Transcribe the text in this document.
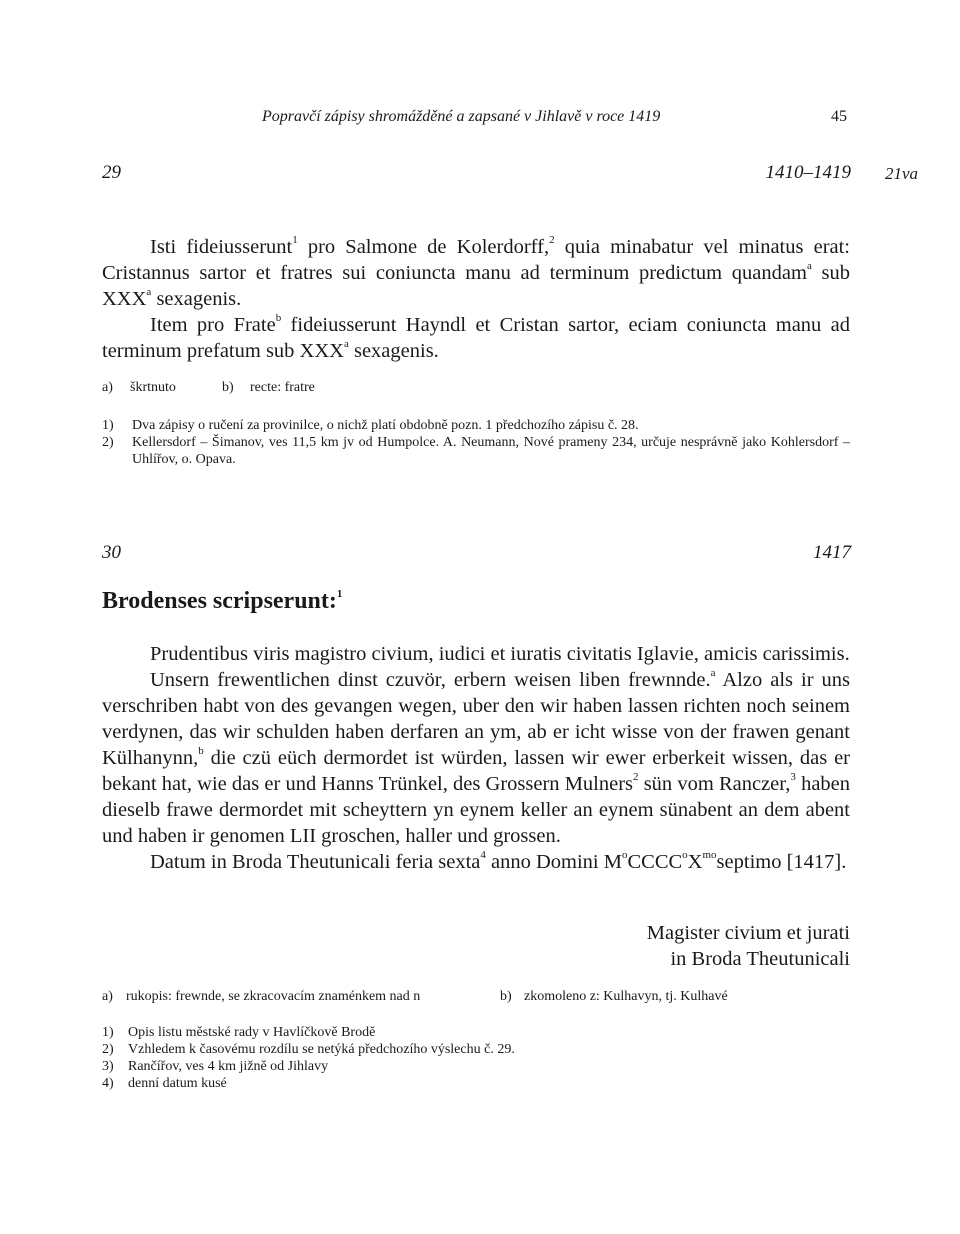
Popravčí zápisy shromážděné a zapsané v Jihlavě v roce 1419	45
29	1410–1419 21va

Isti fideiusserunt$^1$ pro Salmone de Kolerdorff,$^2$ quia minabatur vel minatus erat: Cristannus sartor et fratres sui coniuncta manu ad terminum predictum quandam$^a$ sub XXX$^a$ sexagenis.

Item pro Frate$^b$ fideiusserunt Hayndl et Cristan sartor, eciam coniuncta manu ad terminum prefatum sub XXX$^a$ sexagenis.

a) škrtnuto	b) recte: fratre
1)	Dva zápisy o ručení za provinilce, o nichž platí obdobně pozn. 1 předchozího zápisu č. 28.
2)	Kellersdorf – Šimanov, ves 11,5 km jv od Humpolce. A. Neumann, Nové prameny 234, určuje nesprávně jako Kohlersdorf – Uhlířov, o. Opava.
30	1417
Brodenses scripserunt:$^1$

Prudentibus viris magistro civium, iudici et iuratis civitatis Iglavie, amicis carissimis.

Unsern frewentlichen dinst czuvör, erbern weisen liben frewnnde.$^a$ Alzo als ir uns verschriben habt von des gevangen wegen, uber den wir haben lassen richten noch seinem verdynen, das wir schulden haben derfaren an ym, ab er icht wisse von der frawen genant Külhanynn,$^b$ die czü eüch dermordet ist würden, lassen wir ewer erberkeit wissen, das er bekant hat, wie das er und Hanns Trünkel, des Grossern Mulners$^2$ sün vom Ranczer,$^3$ haben dieselb frawe dermordet mit scheyttern yn eynem keller an eynem sünabent an dem abent und haben ir genomen LII groschen, haller und grossen.

Datum in Broda Theutunicali feria sexta$^4$ anno Domini $M^oCCCC^oX^{mo}septimo$ [1417].

Magister civium et jurati
in Broda Theutunicali
a) rukopis: frewnde, se zkracovacím znaménkem nad n	b) zkomoleno z: Kulhavyn, tj. Kulhavé
1)	Opis listu městské rady v Havlíčkově Brodě
2)	Vzhledem k časovému rozdílu se netýká předchozího výslechu č. 29.
3)	Rančířov, ves 4 km jižně od Jihlavy
4)	denní datum kusé
